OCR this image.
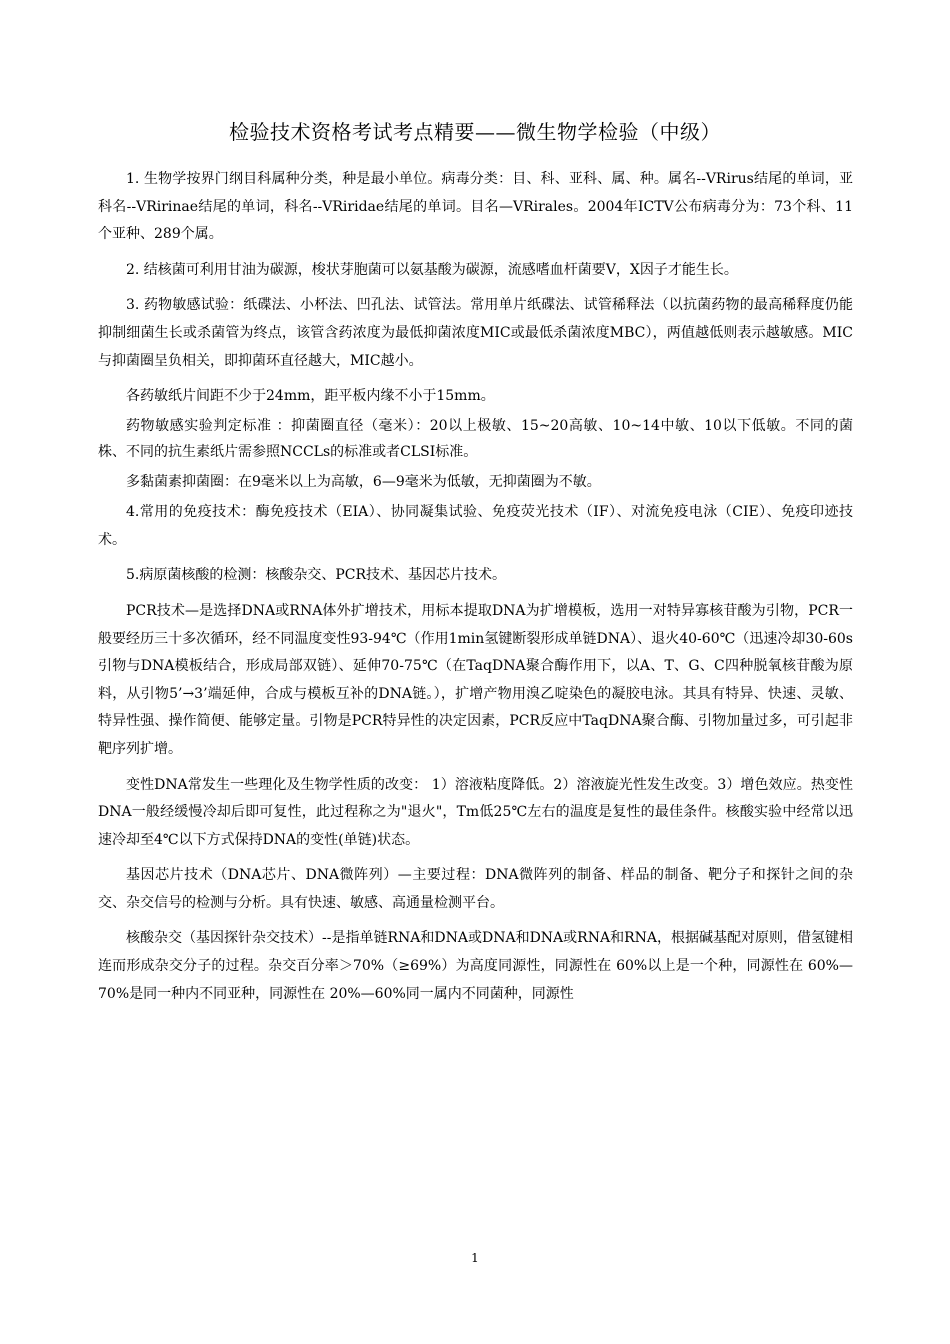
检验技术资格考试考点精要——微生物学检验（中级）

1. 生物学按界门纲目科属种分类，种是最小单位。病毒分类：目、科、亚科、属、种。属名--VRirus结尾的单词，亚科名--VRirinae结尾的单词，科名--VRiridae结尾的单词。目名—VRirales。2004年ICTV公布病毒分为：73个科、11个亚种、289个属。

2. 结核菌可利用甘油为碳源，梭状芽胞菌可以氨基酸为碳源，流感嗜血杆菌要Ⅴ，Ⅹ因子才能生长。

3. 药物敏感试验：纸碟法、小杯法、凹孔法、试管法。常用单片纸碟法、试管稀释法（以抗菌药物的最高稀释度仍能抑制细菌生长或杀菌管为终点，该管含药浓度为最低抑菌浓度MIC或最低杀菌浓度MBC），两值越低则表示越敏感。MIC与抑菌圈呈负相关，即抑菌环直径越大，MIC越小。

各药敏纸片间距不少于24mm，距平板内缘不小于15mm。

药物敏感实验判定标准 ：抑菌圈直径（毫米）：20以上极敏、15~20高敏、10~14中敏、10以下低敏。不同的菌株、不同的抗生素纸片需参照NCCLs的标准或者CLSI标准。

多黏菌素抑菌圈：在9毫米以上为高敏，6—9毫米为低敏，无抑菌圈为不敏。

4.常用的免疫技术：酶免疫技术（EIA）、协同凝集试验、免疫荧光技术（IF）、对流免疫电泳（CIE）、免疫印迹技术。

5.病原菌核酸的检测：核酸杂交、PCR技术、基因芯片技术。

PCR技术—是选择DNA或RNA体外扩增技术，用标本提取DNA为扩增模板，选用一对特异寡核苷酸为引物，PCR一般要经历三十多次循环，经不同温度变性93-94℃（作用1min氢键断裂形成单链DNA）、退火40-60℃（迅速冷却30-60s引物与DNA模板结合，形成局部双链）、延伸70-75℃（在TaqDNA聚合酶作用下，以A、T、G、C四种脱氧核苷酸为原料，从引物5’→3’端延伸，合成与模板互补的DNA链。），扩增产物用溴乙啶染色的凝胶电泳。其具有特异、快速、灵敏、特异性强、操作简便、能够定量。引物是PCR特异性的决定因素，PCR反应中TaqDNA聚合酶、引物加量过多，可引起非靶序列扩增。

变性DNA常发生一些理化及生物学性质的改变： 1）溶液粘度降低。2）溶液旋光性发生改变。3）增色效应。热变性DNA一般经缓慢冷却后即可复性，此过程称之为"退火"，Tm低25℃左右的温度是复性的最佳条件。核酸实验中经常以迅速冷却至4℃以下方式保持DNA的变性(单链)状态。

基因芯片技术（DNA芯片、DNA微阵列）—主要过程：DNA微阵列的制备、样品的制备、靶分子和探针之间的杂交、杂交信号的检测与分析。具有快速、敏感、高通量检测平台。

核酸杂交（基因探针杂交技术）--是指单链RNA和DNA或DNA和DNA或RNA和RNA，根据碱基配对原则，借氢键相连而形成杂交分子的过程。杂交百分率＞70%（≥69%）为高度同源性，同源性在 60%以上是一个种，同源性在 60%—70%是同一种内不同亚种，同源性在 20%—60%同一属内不同菌种，同源性

1
